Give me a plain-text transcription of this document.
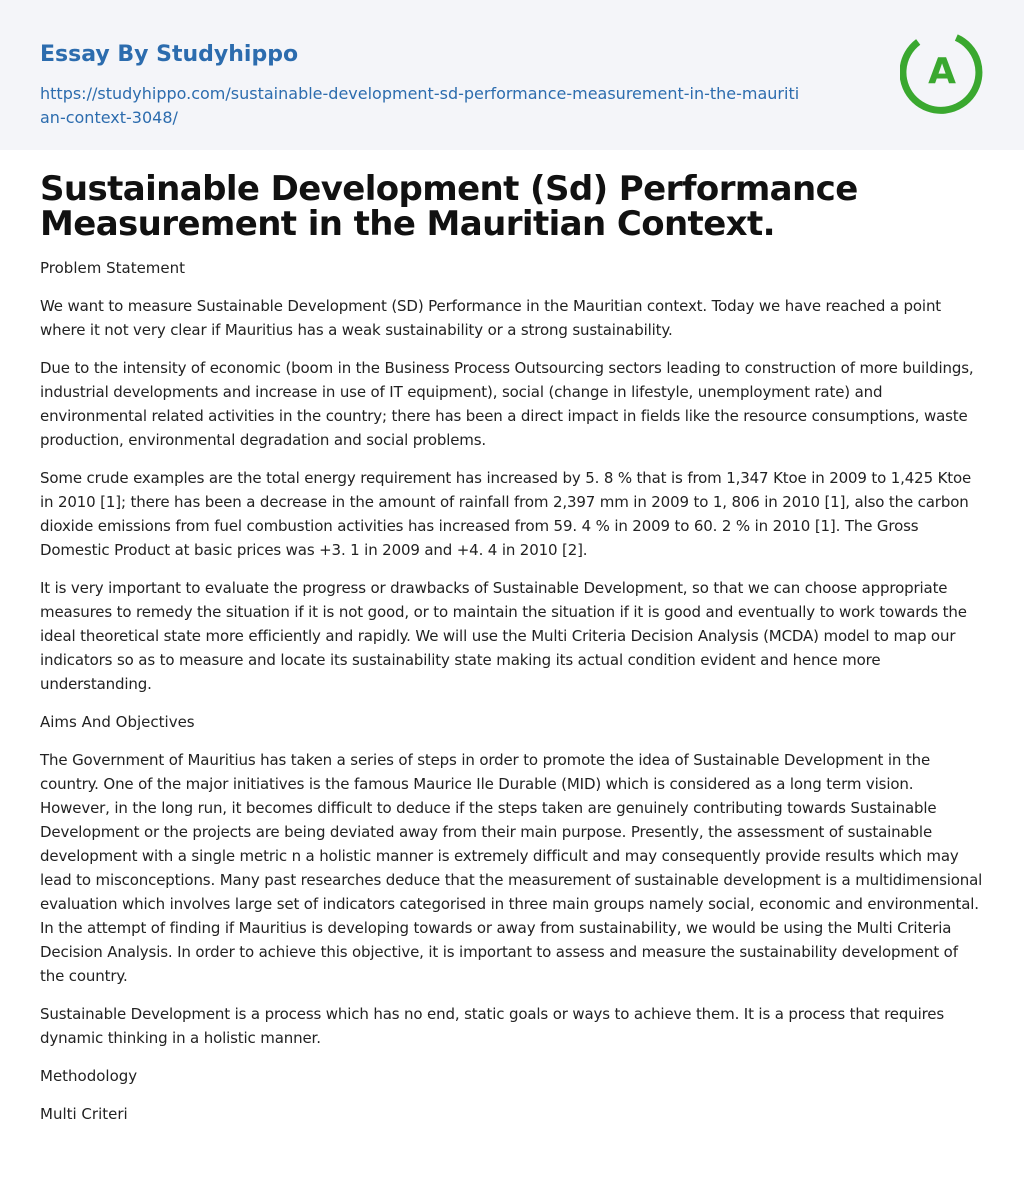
Essay By Studyhippo
https://studyhippo.com/sustainable-development-sd-performance-measurement-in-the-mauritian-context-3048/
A
Sustainable Development (Sd) Performance Measurement in the Mauritian Context.
Problem Statement

We want to measure Sustainable Development (SD) Performance in the Mauritian context. Today we have reached a point where it not very clear if Mauritius has a weak sustainability or a strong sustainability.

Due to the intensity of economic (boom in the Business Process Outsourcing sectors leading to construction of more buildings, industrial developments and increase in use of IT equipment), social (change in lifestyle, unemployment rate) and environmental related activities in the country; there has been a direct impact in fields like the resource consumptions, waste production, environmental degradation and social problems.

Some crude examples are the total energy requirement has increased by 5. 8 % that is from 1,347 Ktoe in 2009 to 1,425 Ktoe in 2010 [1]; there has been a decrease in the amount of rainfall from 2,397 mm in 2009 to 1, 806 in 2010 [1], also the carbon dioxide emissions from fuel combustion activities has increased from 59. 4 % in 2009 to 60. 2 % in 2010 [1]. The Gross Domestic Product at basic prices was +3. 1 in 2009 and +4. 4 in 2010 [2].

It is very important to evaluate the progress or drawbacks of Sustainable Development, so that we can choose appropriate measures to remedy the situation if it is not good, or to maintain the situation if it is good and eventually to work towards the ideal theoretical state more efficiently and rapidly. We will use the Multi Criteria Decision Analysis (MCDA) model to map our indicators so as to measure and locate its sustainability state making its actual condition evident and hence more understanding.

Aims And Objectives

The Government of Mauritius has taken a series of steps in order to promote the idea of Sustainable Development in the country. One of the major initiatives is the famous Maurice Ile Durable (MID) which is considered as a long term vision. However, in the long run, it becomes difficult to deduce if the steps taken are genuinely contributing towards Sustainable Development or the projects are being deviated away from their main purpose. Presently, the assessment of sustainable development with a single metric n a holistic manner is extremely difficult and may consequently provide results which may lead to misconceptions. Many past researches deduce that the measurement of sustainable development is a multidimensional evaluation which involves large set of indicators categorised in three main groups namely social, economic and environmental. In the attempt of finding if Mauritius is developing towards or away from sustainability, we would be using the Multi Criteria Decision Analysis. In order to achieve this objective, it is important to assess and measure the sustainability development of the country.

Sustainable Development is a process which has no end, static goals or ways to achieve them. It is a process that requires dynamic thinking in a holistic manner.

Methodology
Multi Criteri
